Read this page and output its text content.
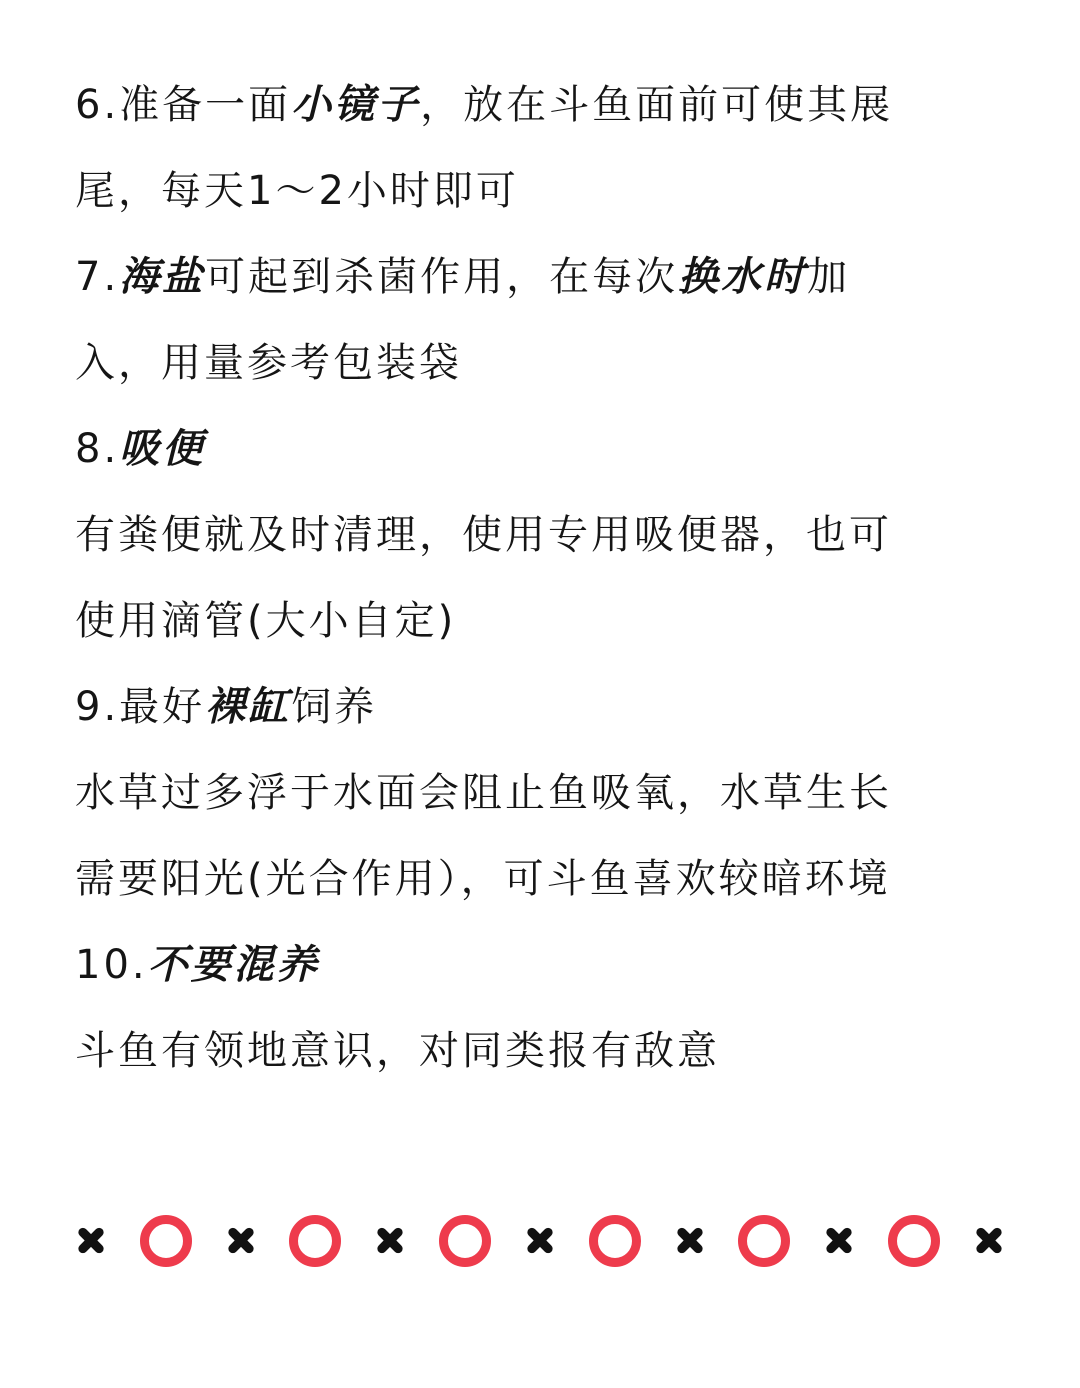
6.准备一面小镜子，放在斗鱼面前可使其展
尾，每天1～2小时即可
7.海盐可起到杀菌作用，在每次换水时加
入，用量参考包装袋
8.吸便
有粪便就及时清理，使用专用吸便器，也可
使用滴管(大小自定)
9.最好裸缸饲养
水草过多浮于水面会阻止鱼吸氧，水草生长
需要阳光(光合作用），可斗鱼喜欢较暗环境
10.不要混养
斗鱼有领地意识，对同类报有敌意
